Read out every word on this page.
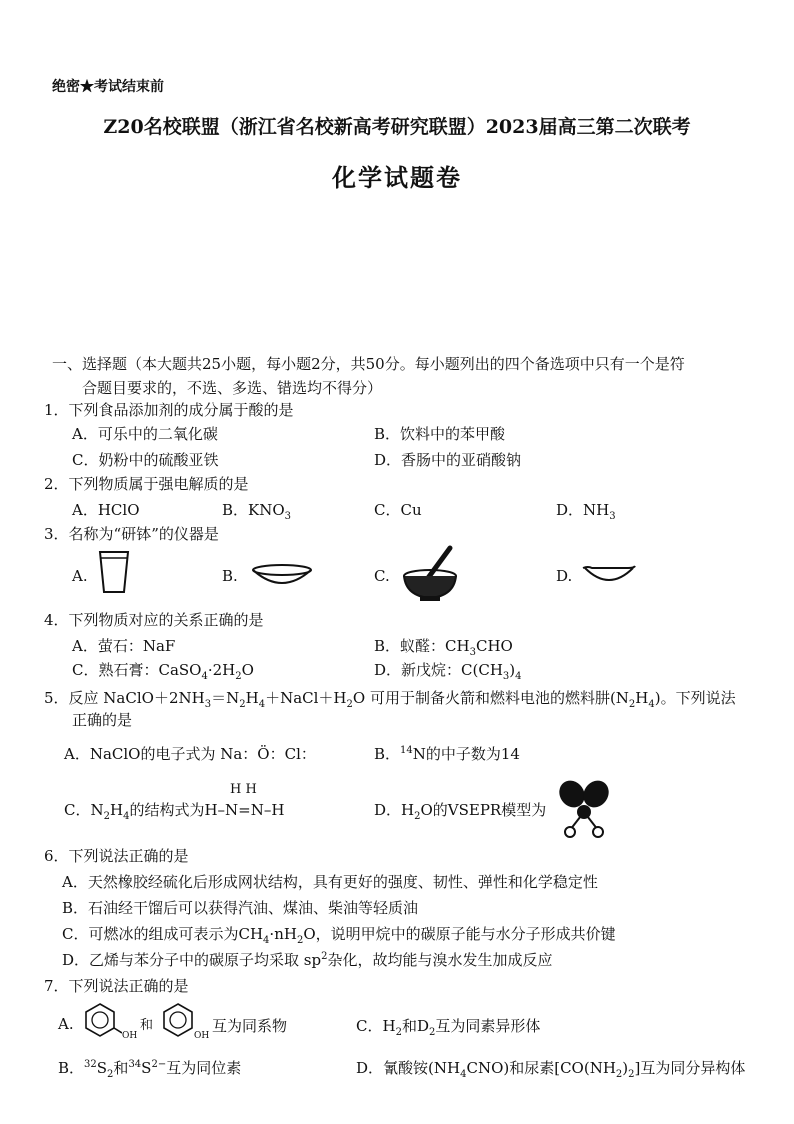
绝密★考试结束前
Z20名校联盟（浙江省名校新高考研究联盟）2023届高三第二次联考
化学试题卷
一、选择题（本大题共25小题，每小题2分，共50分。每小题列出的四个备选项中只有一个是符
合题目要求的，不选、多选、错选均不得分）
1．下列食品添加剂的成分属于酸的是
A．可乐中的二氧化碳	B．饮料中的苯甲酸
C．奶粉中的硫酸亚铁	D．香肠中的亚硝酸钠
2．下列物质属于强电解质的是
A．HClO	B．$KNO_3$	C．Cu	D．$NH_3$
3．名称为“研钵”的仪器是
A.	B.	C.	D.
4．下列物质对应的关系正确的是
A．萤石：NaF	B．蚁醛：$CH_3CHO$
C．熟石膏：$CaSO_4\cdot 2H_2O$	D．新戊烷：$C(CH_3)_4$
5．反应 $NaClO+2NH_3=N_2H_4+NaCl+H_2O$ 可用于制备火箭和燃料电池的燃料肼$(N_2H_4)$。下列说法
正确的是
A．NaClO的电子式为 Na：Ö：Cl：	B．$^{14}$N的中子数为14
H H
C．$N_2H_4$的结构式为H–N=N–H	D．$H_2O$的VSEPR模型为
6．下列说法正确的是
A．天然橡胶经硫化后形成网状结构，具有更好的强度、韧性、弹性和化学稳定性
B．石油经干馏后可以获得汽油、煤油、柴油等轻质油
C．可燃冰的组成可表示为$CH_4\cdot nH_2O$，说明甲烷中的碳原子能与水分子形成共价键
D．乙烯与苯分子中的碳原子均采取 $sp^2$杂化，故均能与溴水发生加成反应
7．下列说法正确的是
A.
OH
和
OH
互为同系物	C．$H_2$和$D_2$互为同素异形体
B．$^{32}S_2$和$^{34}S^{2-}$互为同位素	D．氰酸铵$(NH_4CNO)$和尿素$[CO(NH_2)_2]$互为同分异构体
